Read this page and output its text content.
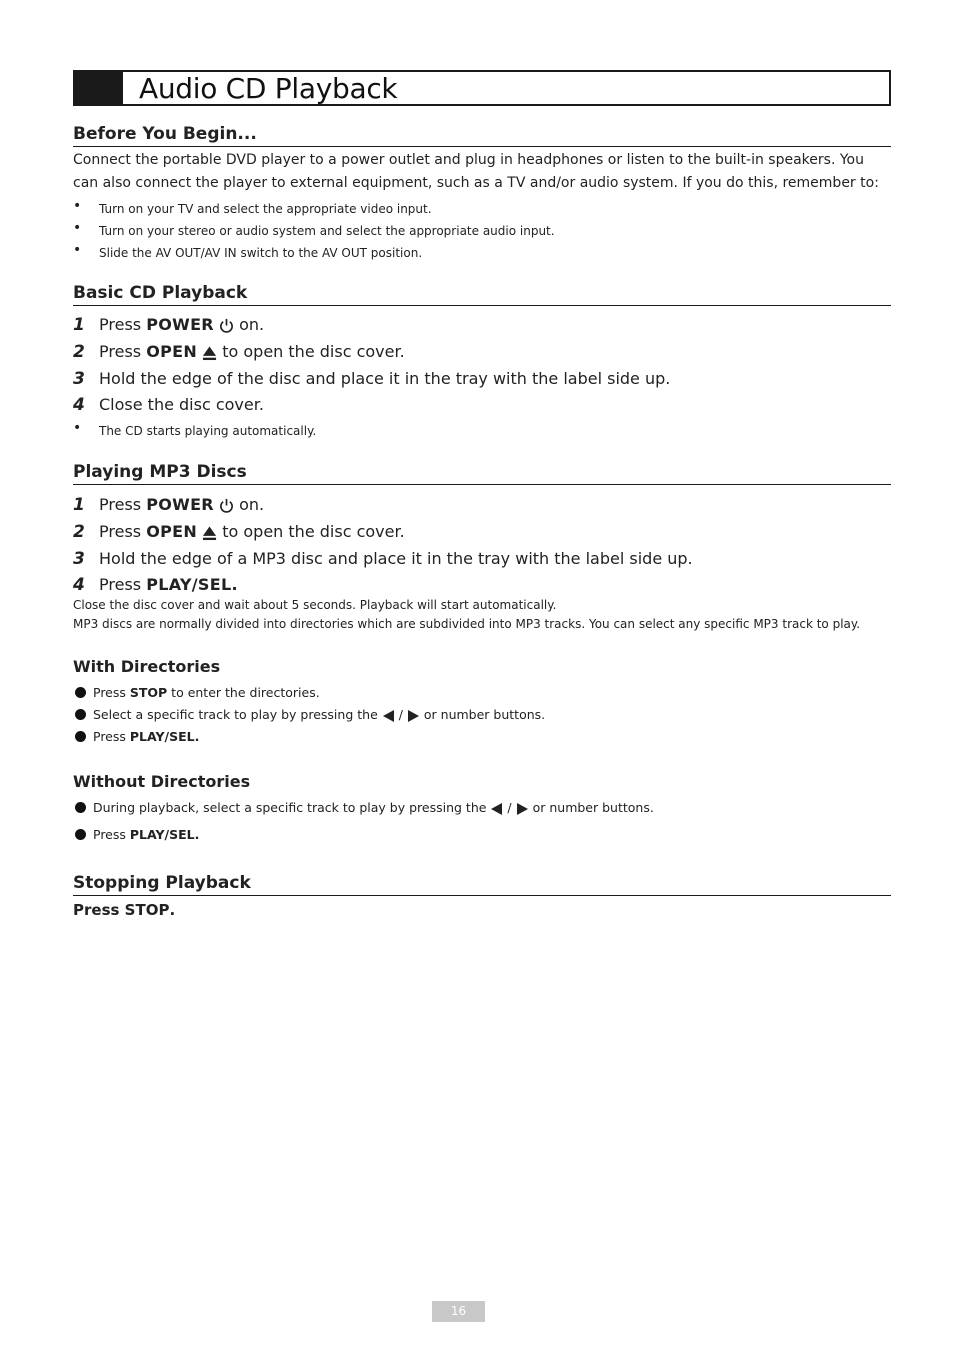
Audio CD Playback
Before You Begin...
Connect the portable DVD player to a power outlet and plug in headphones or listen to the built-in speakers. You can also connect the player to external equipment, such as a TV and/or audio system. If you do this, remember to:
• Turn on your TV and select the appropriate video input.
• Turn on your stereo or audio system and select the appropriate audio input.
• Slide the AV OUT/AV IN switch to the AV OUT position.
Basic CD Playback
1 Press POWER  on.
2 Press OPEN  to open the disc cover.
3 Hold the edge of the disc and place it in the tray with the label side up.
4 Close the disc cover.
• The CD starts playing automatically.
Playing MP3 Discs
1 Press POWER  on.
2 Press OPEN  to open the disc cover.
3 Hold the edge of a MP3 disc and place it in the tray with the label side up.
4 Press PLAY/SEL.
Close the disc cover and wait about 5 seconds. Playback will start automatically.
MP3 discs are normally divided into directories which are subdivided into MP3 tracks. You can select any specific MP3 track to play.
With Directories
Press STOP to enter the directories.
Select a specific track to play by pressing the  /  or number buttons.
Press PLAY/SEL.
Without Directories
During playback, select a specific track to play by pressing the  /  or number buttons.
Press PLAY/SEL.
Stopping Playback
Press STOP.
16
